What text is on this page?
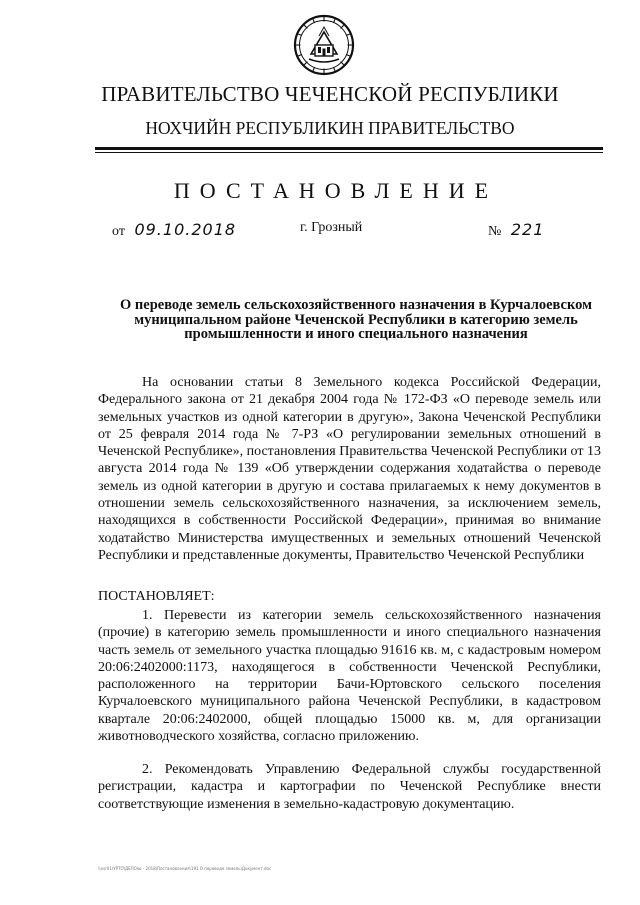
ПРАВИТЕЛЬСТВО ЧЕЧЕНСКОЙ РЕСПУБЛИКИ
НОХЧИЙН РЕСПУБЛИКИН ПРАВИТЕЛЬСТВО
ПОСТАНОВЛЕНИЕ
от 09.10.2018	г. Грозный	№ 221
О переводе земель сельскохозяйственного назначения в Курчалоевском муниципальном районе Чеченской Республики в категорию земель промышленности и иного специального назначения
На основании статьи 8 Земельного кодекса Российской Федерации, Федерального закона от 21 декабря 2004 года № 172-ФЗ «О переводе земель или земельных участков из одной категории в другую», Закона Чеченской Республики от 25 февраля 2014 года № 7-РЗ «О регулировании земельных отношений в Чеченской Республике», постановления Правительства Чеченской Республики от 13 августа 2014 года № 139 «Об утверждении содержания ходатайства о переводе земель из одной категории в другую и состава прилагаемых к нему документов в отношении земель сельскохозяйственного назначения, за исключением земель, находящихся в собственности Российской Федерации», принимая во внимание ходатайство Министерства имущественных и земельных отношений Чеченской Республики и представленные документы, Правительство Чеченской Республики
ПОСТАНОВЛЯЕТ:
1. Перевести из категории земель сельскохозяйственного назначения (прочие) в категорию земель промышленности и иного специального назначения часть земель от земельного участка площадью 91616 кв. м, с кадастровым номером 20:06:2402000:1173, находящегося в собственности Чеченской Республики, расположенного на территории Бачи-Юртовского сельского поселения Курчалоевского муниципального района Чеченской Республики, в кадастровом квартале 20:06:2402000, общей площадью 15000 кв. м, для организации животноводческого хозяйства, согласно приложению.
2. Рекомендовать Управлению Федеральной службы государственной регистрации, кадастра и картографии по Чеченской Республике внести соответствующие изменения в земельно-кадастровую документацию.
\\vsr01\УРТО\ДЕЛО\ю - 2018\Постановления\191 О переводе земель\Документ.doc
